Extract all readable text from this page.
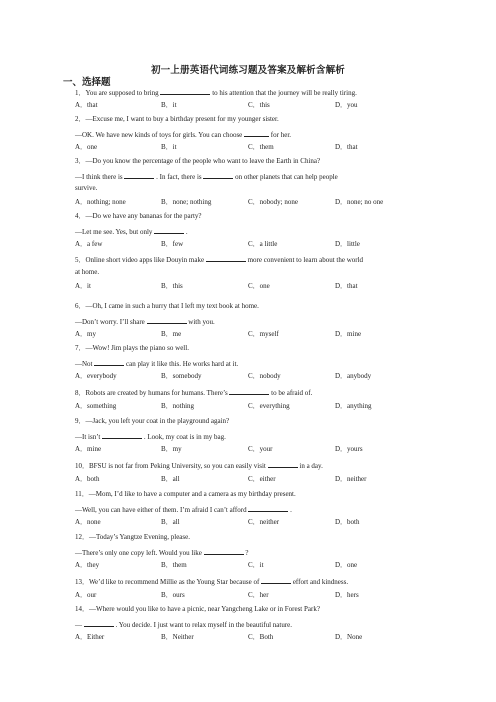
初一上册英语代词练习题及答案及解析含解析
一、选择题
1．You are supposed to bring	to his attention that the journey will be really tiring.
A．that	B．it	C．this	D．you
2．—Excuse me, I want to buy a birthday present for my younger sister.
—OK. We have new kinds of toys for girls. You can choose	for her.
A．one	B．it	C．them	D．that
3．—Do you know the percentage of the people who want to leave the Earth in China?
—I think there is	. In fact, there is	on other planets that can help people
survive.
A．nothing; none	B．none; nothing	C．nobody; none	D．none; no one
4．—Do we have any bananas for the party?
—Let me see. Yes, but only	.
A．a few	B．few	C．a little	D．little
5．Online short video apps like Douyin make	more convenient to learn about the world
at home.
A．it	B．this	C．one	D．that
6．—Oh, I came in such a hurry that I left my text book at home.
—Don’t worry. I’ll share	with you.
A．my	B．me	C．myself	D．mine
7．—Wow! Jim plays the piano so well.
—Not	can play it like this. He works hard at it.
A．everybody	B．somebody	C．nobody	D．anybody
8．Robots are created by humans for humans. There’s	to be afraid of.
A．something	B．nothing	C．everything	D．anything
9．—Jack, you left your coat in the playground again?
—It isn’t	. Look, my coat is in my bag.
A．mine	B．my	C．your	D．yours
10．BFSU is not far from Peking University, so you can easily visit	in a day.
A．both	B．all	C．either	D．neither
11．—Mom, I’d like to have a computer and a camera as my birthday present.
—Well, you can have either of them. I’m afraid I can’t afford	.
A．none	B．all	C．neither	D．both
12．—Today’s Yangtze Evening, please.
—There’s only one copy left. Would you like	?
A．they	B．them	C．it	D．one
13．We’d like to recommend Millie as the Young Star because of	effort and kindness.
A．our	B．ours	C．her	D．hers
14．—Where would you like to have a picnic, near Yangcheng Lake or in Forest Park?
—	. You decide. I just want to relax myself in the beautiful nature.
A．Either	B．Neither	C．Both	D．None
